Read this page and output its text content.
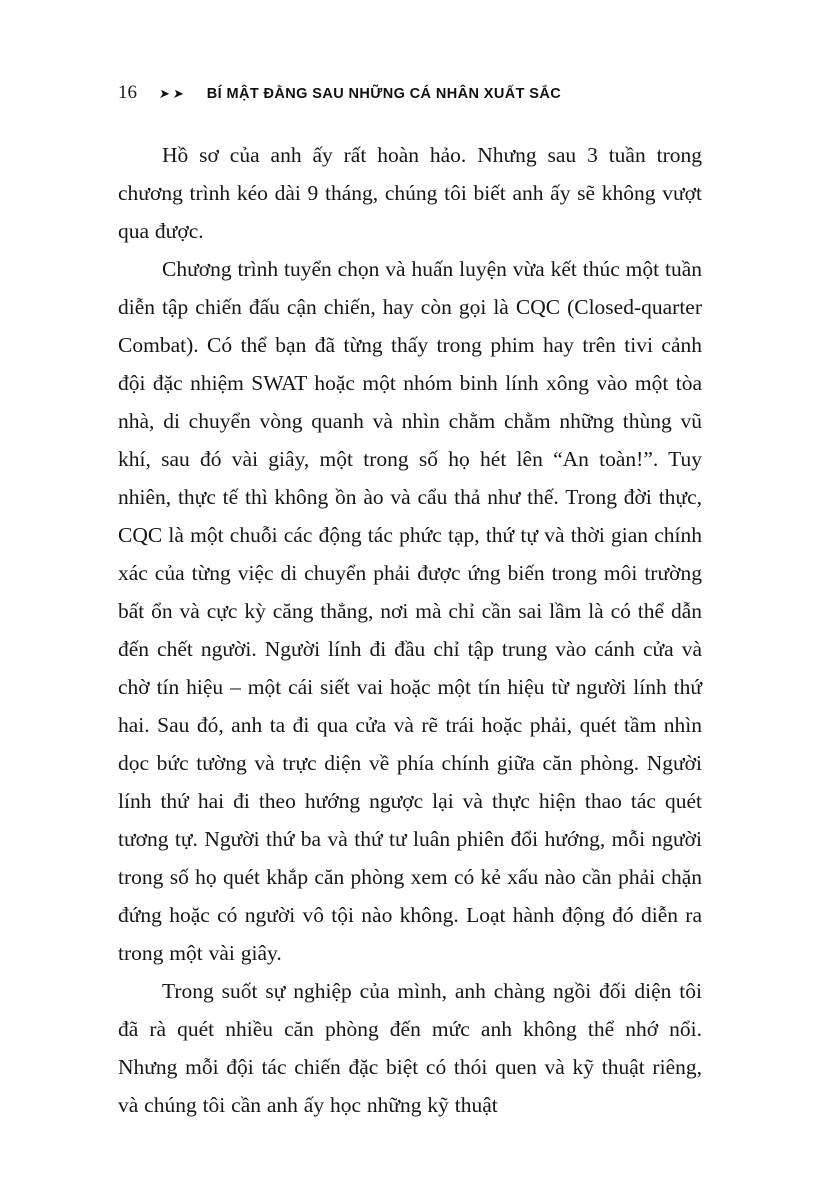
16 ➤➤ BÍ MẬT ĐẰNG SAU NHỮNG CÁ NHÂN XUẤT SẮC

Hồ sơ của anh ấy rất hoàn hảo. Nhưng sau 3 tuần trong chương trình kéo dài 9 tháng, chúng tôi biết anh ấy sẽ không vượt qua được.

Chương trình tuyển chọn và huấn luyện vừa kết thúc một tuần diễn tập chiến đấu cận chiến, hay còn gọi là CQC (Closed-quarter Combat). Có thể bạn đã từng thấy trong phim hay trên tivi cảnh đội đặc nhiệm SWAT hoặc một nhóm binh lính xông vào một tòa nhà, di chuyển vòng quanh và nhìn chằm chằm những thùng vũ khí, sau đó vài giây, một trong số họ hét lên “An toàn!”. Tuy nhiên, thực tế thì không ồn ào và cẩu thả như thế. Trong đời thực, CQC là một chuỗi các động tác phức tạp, thứ tự và thời gian chính xác của từng việc di chuyển phải được ứng biến trong môi trường bất ổn và cực kỳ căng thẳng, nơi mà chỉ cần sai lầm là có thể dẫn đến chết người. Người lính đi đầu chỉ tập trung vào cánh cửa và chờ tín hiệu – một cái siết vai hoặc một tín hiệu từ người lính thứ hai. Sau đó, anh ta đi qua cửa và rẽ trái hoặc phải, quét tầm nhìn dọc bức tường và trực diện về phía chính giữa căn phòng. Người lính thứ hai đi theo hướng ngược lại và thực hiện thao tác quét tương tự. Người thứ ba và thứ tư luân phiên đổi hướng, mỗi người trong số họ quét khắp căn phòng xem có kẻ xấu nào cần phải chặn đứng hoặc có người vô tội nào không. Loạt hành động đó diễn ra trong một vài giây.

Trong suốt sự nghiệp của mình, anh chàng ngồi đối diện tôi đã rà quét nhiều căn phòng đến mức anh không thể nhớ nổi. Nhưng mỗi đội tác chiến đặc biệt có thói quen và kỹ thuật riêng, và chúng tôi cần anh ấy học những kỹ thuật
